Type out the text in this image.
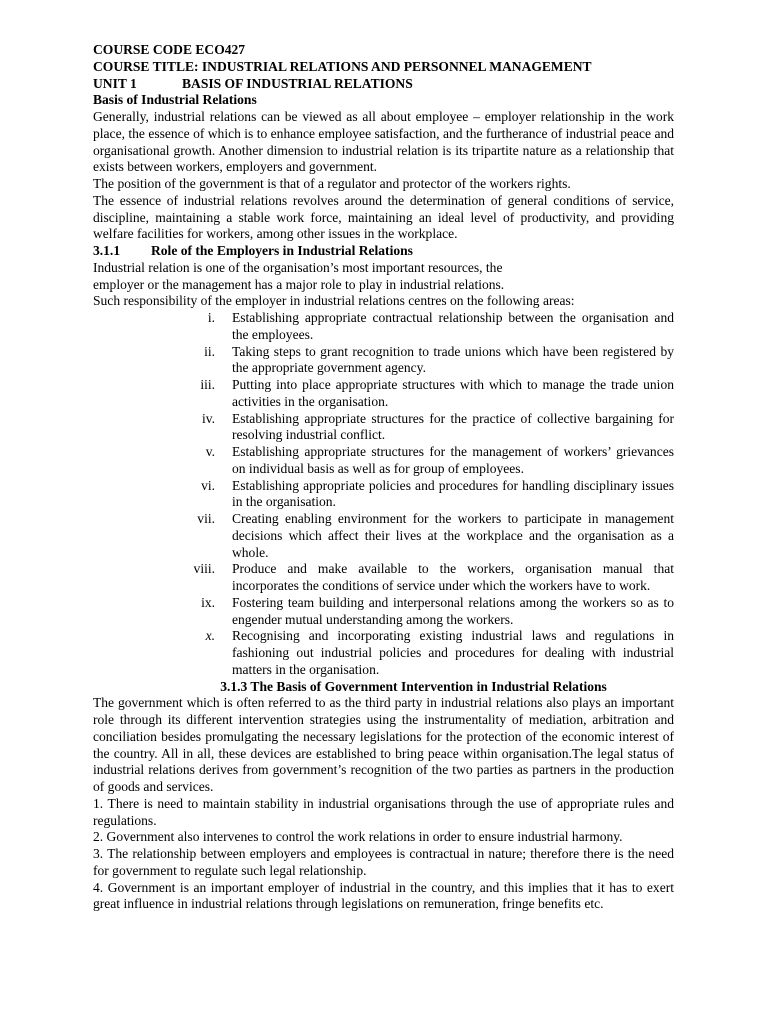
COURSE CODE ECO427

COURSE TITLE: INDUSTRIAL RELATIONS AND PERSONNEL MANAGEMENT

UNIT 1	BASIS OF INDUSTRIAL RELATIONS

Basis of Industrial Relations

Generally, industrial relations can be viewed as all about employee – employer relationship in the work place, the essence of which is to enhance employee satisfaction, and the furtherance of industrial peace and organisational growth. Another dimension to industrial relation is its tripartite nature as a relationship that exists between workers, employers and government.

The position of the government is that of a regulator and protector of the workers rights.

The essence of industrial relations revolves around the determination of general conditions of service, discipline, maintaining a stable work force, maintaining an ideal level of productivity, and providing welfare facilities for workers, among other issues in the workplace.

3.1.1	Role of the Employers in Industrial Relations

Industrial relation is one of the organisation’s most important resources, the

employer or the management has a major role to play in industrial relations.

Such responsibility of the employer in industrial relations centres on the following areas:

i. Establishing appropriate contractual relationship between the organisation and the employees.
ii. Taking steps to grant recognition to trade unions which have been registered by the appropriate government agency.
iii. Putting into place appropriate structures with which to manage the trade union activities in the organisation.
iv. Establishing appropriate structures for the practice of collective bargaining for resolving industrial conflict.
v. Establishing appropriate structures for the management of workers’ grievances on individual basis as well as for group of employees.
vi. Establishing appropriate policies and procedures for handling disciplinary issues in the organisation.
vii. Creating enabling environment for the workers to participate in management decisions which affect their lives at the workplace and the organisation as a whole.
viii. Produce and make available to the workers, organisation manual that incorporates the conditions of service under which the workers have to work.
ix. Fostering team building and interpersonal relations among the workers so as to engender mutual understanding among the workers.
x. Recognising and incorporating existing industrial laws and regulations in fashioning out industrial policies and procedures for dealing with industrial matters in the organisation.

3.1.3 The Basis of Government Intervention in Industrial Relations

The government which is often referred to as the third party in industrial relations also plays an important role through its different intervention strategies using the instrumentality of mediation, arbitration and conciliation besides promulgating the necessary legislations for the protection of the economic interest of the country. All in all, these devices are established to bring peace within organisation.The legal status of industrial relations derives from government’s recognition of the two parties as partners in the production of goods and services.

1. There is need to maintain stability in industrial organisations through the use of appropriate rules and regulations.

2. Government also intervenes to control the work relations in order to ensure industrial harmony.

3. The relationship between employers and employees is contractual in nature; therefore there is the need for government to regulate such legal relationship.

4. Government is an important employer of industrial in the country, and this implies that it has to exert great influence in industrial relations through legislations on remuneration, fringe benefits etc.
